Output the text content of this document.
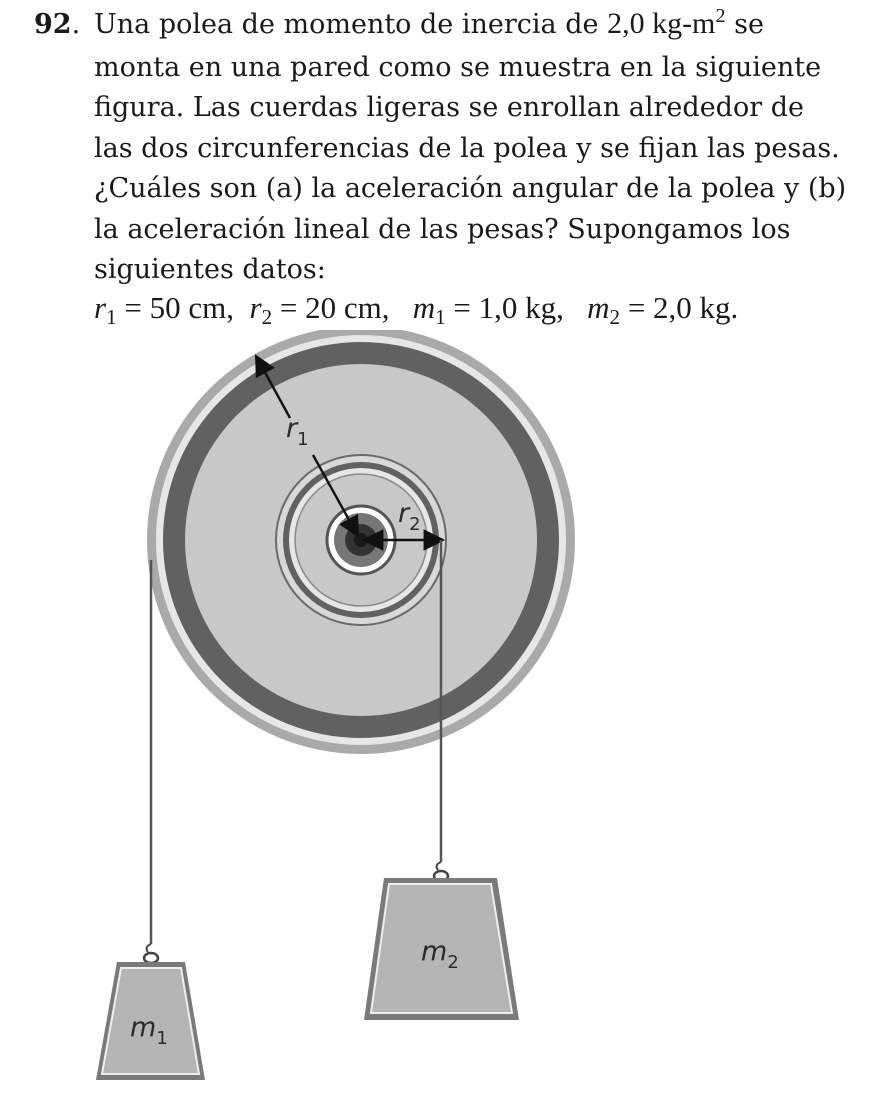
92. Una polea de momento de inercia de 2,0 $kg-m^2$ se
monta en una pared como se muestra en la siguiente
figura. Las cuerdas ligeras se enrollan alrededor de
las dos circunferencias de la polea y se fijan las pesas.
¿Cuáles son (a) la aceleración angular de la polea y (b)
la aceleración lineal de las pesas? Supongamos los
siguientes datos:

$r_1 = 50$ cm, $r_2 = 20$ cm, $m_1 = 1,0$ kg, $m_2 = 2,0$ kg.
$r_1$
$r_2$
$m_1$
$m_2$
